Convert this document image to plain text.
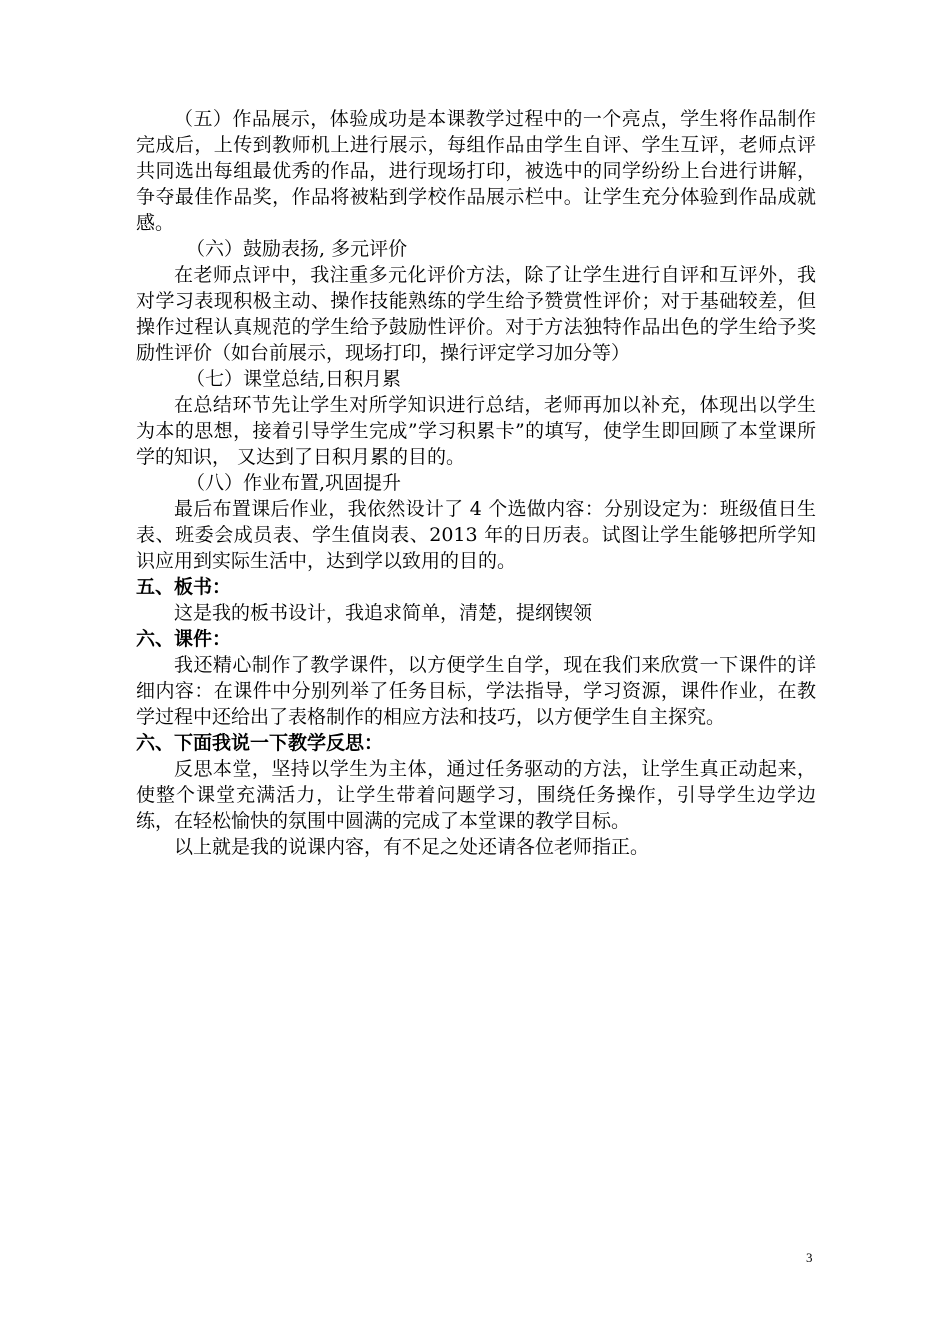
（五）作品展示，体验成功是本课教学过程中的一个亮点，学生将作品制作完成后，上传到教师机上进行展示，每组作品由学生自评、学生互评，老师点评共同选出每组最优秀的作品，进行现场打印，被选中的同学纷纷上台进行讲解，争夺最佳作品奖，作品将被粘到学校作品展示栏中。让学生充分体验到作品成就感。

（六）鼓励表扬, 多元评价

在老师点评中，我注重多元化评价方法，除了让学生进行自评和互评外，我对学习表现积极主动、操作技能熟练的学生给予赞赏性评价；对于基础较差，但操作过程认真规范的学生给予鼓励性评价。对于方法独特作品出色的学生给予奖励性评价（如台前展示，现场打印，操行评定学习加分等）

（七）课堂总结,日积月累

在总结环节先让学生对所学知识进行总结，老师再加以补充，体现出以学生为本的思想，接着引导学生完成”学习积累卡”的填写，使学生即回顾了本堂课所学的知识， 又达到了日积月累的目的。

（八）作业布置,巩固提升

最后布置课后作业，我依然设计了 4 个选做内容：分别设定为：班级值日生表、班委会成员表、学生值岗表、2013 年的日历表。试图让学生能够把所学知识应用到实际生活中，达到学以致用的目的。

五、板书：

这是我的板书设计，我追求简单，清楚，提纲锲领

六、课件：

我还精心制作了教学课件，以方便学生自学，现在我们来欣赏一下课件的详细内容：在课件中分别列举了任务目标，学法指导，学习资源，课件作业，在教学过程中还给出了表格制作的相应方法和技巧，以方便学生自主探究。

六、下面我说一下教学反思：

反思本堂，坚持以学生为主体，通过任务驱动的方法，让学生真正动起来，使整个课堂充满活力，让学生带着问题学习，围绕任务操作，引导学生边学边练，在轻松愉快的氛围中圆满的完成了本堂课的教学目标。

以上就是我的说课内容，有不足之处还请各位老师指正。

3
